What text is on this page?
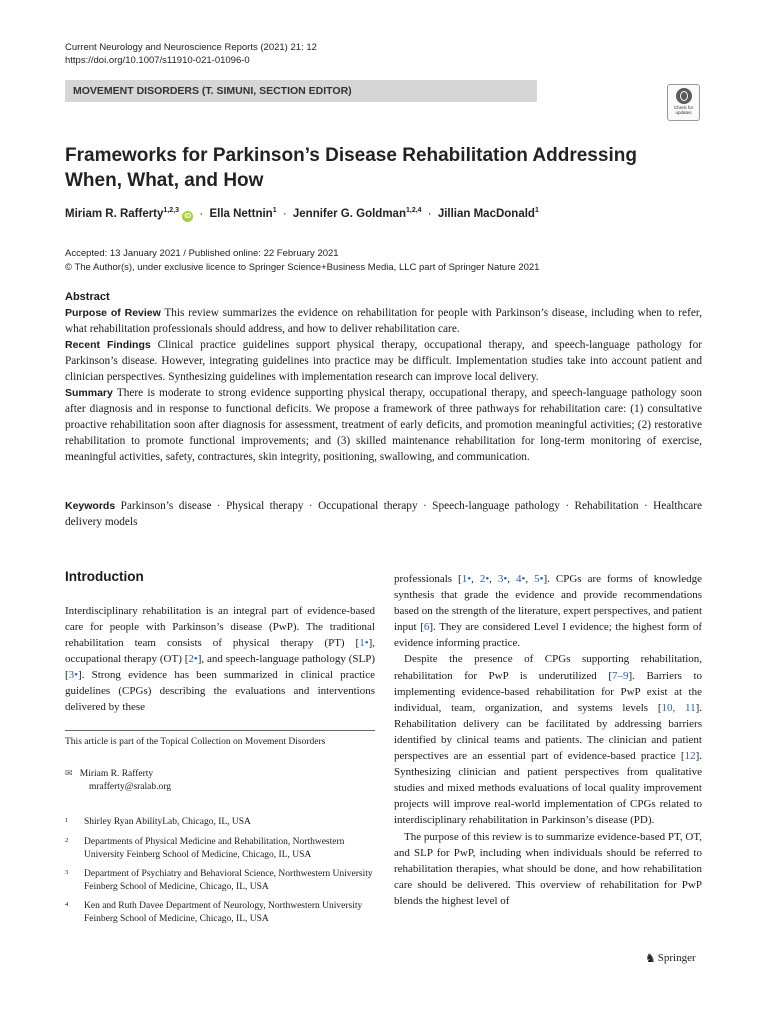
Current Neurology and Neuroscience Reports (2021) 21: 12
https://doi.org/10.1007/s11910-021-01096-0
MOVEMENT DISORDERS (T. SIMUNI, SECTION EDITOR)
Check for
updates
Frameworks for Parkinson’s Disease Rehabilitation Addressing When, What, and How
Miriam R. Rafferty$^{1,2,3}$ iD · Ella Nettnin$^1$ · Jennifer G. Goldman$^{1,2,4}$ · Jillian MacDonald$^1$
Accepted: 13 January 2021 / Published online: 22 February 2021
© The Author(s), under exclusive licence to Springer Science+Business Media, LLC part of Springer Nature 2021
Abstract

Purpose of Review This review summarizes the evidence on rehabilitation for people with Parkinson’s disease, including when to refer, what rehabilitation professionals should address, and how to deliver rehabilitation care.

Recent Findings Clinical practice guidelines support physical therapy, occupational therapy, and speech-language pathology for Parkinson’s disease. However, integrating guidelines into practice may be difficult. Implementation studies take into account patient and clinician perspectives. Synthesizing guidelines with implementation research can improve local delivery.

Summary There is moderate to strong evidence supporting physical therapy, occupational therapy, and speech-language pathology soon after diagnosis and in response to functional deficits. We propose a framework of three pathways for rehabilitation care: (1) consultative proactive rehabilitation soon after diagnosis for assessment, treatment of early deficits, and promotion meaningful activities; (2) restorative rehabilitation to promote functional improvements; and (3) skilled maintenance rehabilitation for long-term monitoring of exercise, meaningful activities, safety, contractures, skin integrity, positioning, swallowing, and communication.

Keywords Parkinson’s disease · Physical therapy · Occupational therapy · Speech-language pathology · Rehabilitation · Healthcare delivery models
Introduction

Interdisciplinary rehabilitation is an integral part of evidence-based care for people with Parkinson’s disease (PwP). The traditional rehabilitation team consists of physical therapy (PT) [1•], occupational therapy (OT) [2•], and speech-language pathology (SLP) [3•]. Strong evidence has been summarized in clinical practice guidelines (CPGs) describing the evaluations and interventions delivered by these

professionals [1•, 2•, 3•, 4•, 5•]. CPGs are forms of knowledge synthesis that grade the evidence and provide recommendations based on the strength of the literature, expert perspectives, and patient input [6]. They are considered Level I evidence; the highest form of evidence informing practice.

Despite the presence of CPGs supporting rehabilitation, rehabilitation for PwP is underutilized [7–9]. Barriers to implementing evidence-based rehabilitation for PwP exist at the individual, team, organization, and systems levels [10, 11]. Rehabilitation delivery can be facilitated by addressing barriers identified by clinical teams and patients. The clinician and patient perspectives are an essential part of evidence-based practice [12]. Synthesizing clinician and patient perspectives from qualitative studies and mixed methods evaluations of local quality improvement projects will improve real-world implementation of CPGs related to interdisciplinary rehabilitation in Parkinson’s disease (PD).

The purpose of this review is to summarize evidence-based PT, OT, and SLP for PwP, including when individuals should be referred to rehabilitation therapies, what should be done, and how rehabilitation care should be delivered. This overview of rehabilitation for PwP blends the highest level of

This article is part of the Topical Collection on Movement Disorders
✉ Miriam R. Rafferty
mrafferty@sralab.org
1 Shirley Ryan AbilityLab, Chicago, IL, USA
2 Departments of Physical Medicine and Rehabilitation, Northwestern University Feinberg School of Medicine, Chicago, IL, USA
3 Department of Psychiatry and Behavioral Science, Northwestern University Feinberg School of Medicine, Chicago, IL, USA
4 Ken and Ruth Davee Department of Neurology, Northwestern University Feinberg School of Medicine, Chicago, IL, USA
♞ Springer
